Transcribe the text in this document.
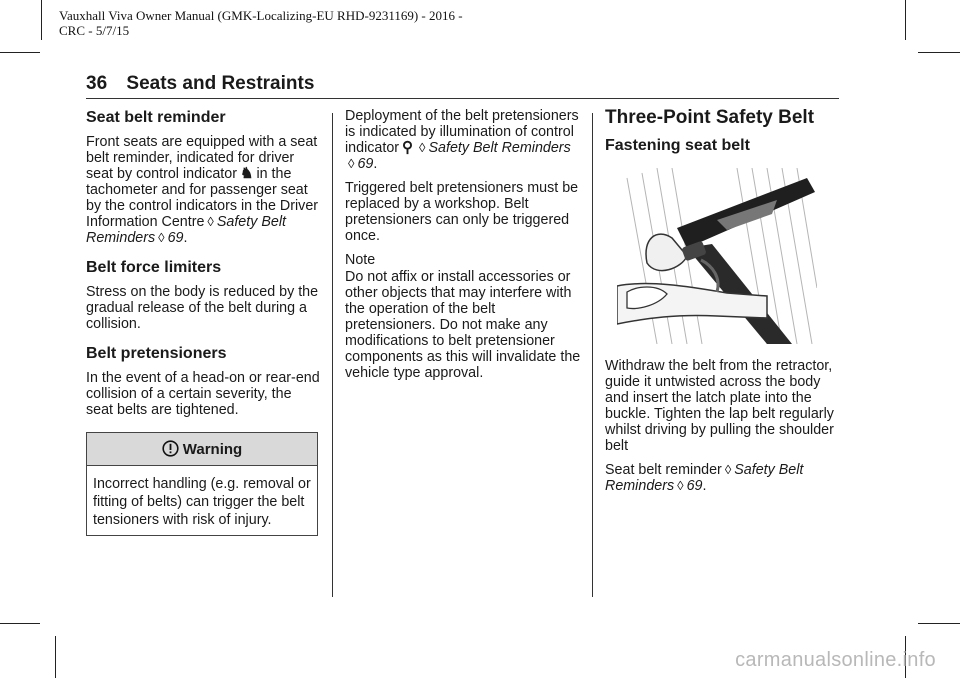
Vauxhall Viva Owner Manual (GMK-Localizing-EU RHD-9231169) - 2016 -
CRC - 5/7/15
36 Seats and Restraints
Seat belt reminder

Front seats are equipped with a seat belt reminder, indicated for driver seat by control indicator ♞ in the tachometer and for passenger seat by the control indicators in the Driver Information Centre ◊ Safety Belt Reminders ◊ 69.

Belt force limiters

Stress on the body is reduced by the gradual release of the belt during a collision.

Belt pretensioners

In the event of a head-on or rear-end collision of a certain severity, the seat belts are tightened.

Warning
Incorrect handling (e.g. removal or fitting of belts) can trigger the belt tensioners with risk of injury.

Deployment of the belt pretensioners is indicated by illumination of control indicator ⚲ ◊ Safety Belt Reminders◊ 69.

Triggered belt pretensioners must be replaced by a workshop. Belt pretensioners can only be triggered once.

Note

Do not affix or install accessories or other objects that may interfere with the operation of the belt pretensioners. Do not make any modifications to belt pretensioner components as this will invalidate the vehicle type approval.

Three-Point Safety Belt
Fastening seat belt

Withdraw the belt from the retractor, guide it untwisted across the body and insert the latch plate into the buckle. Tighten the lap belt regularly whilst driving by pulling the shoulder belt

Seat belt reminder ◊ Safety Belt Reminders ◊ 69.

carmanualsonline.info
